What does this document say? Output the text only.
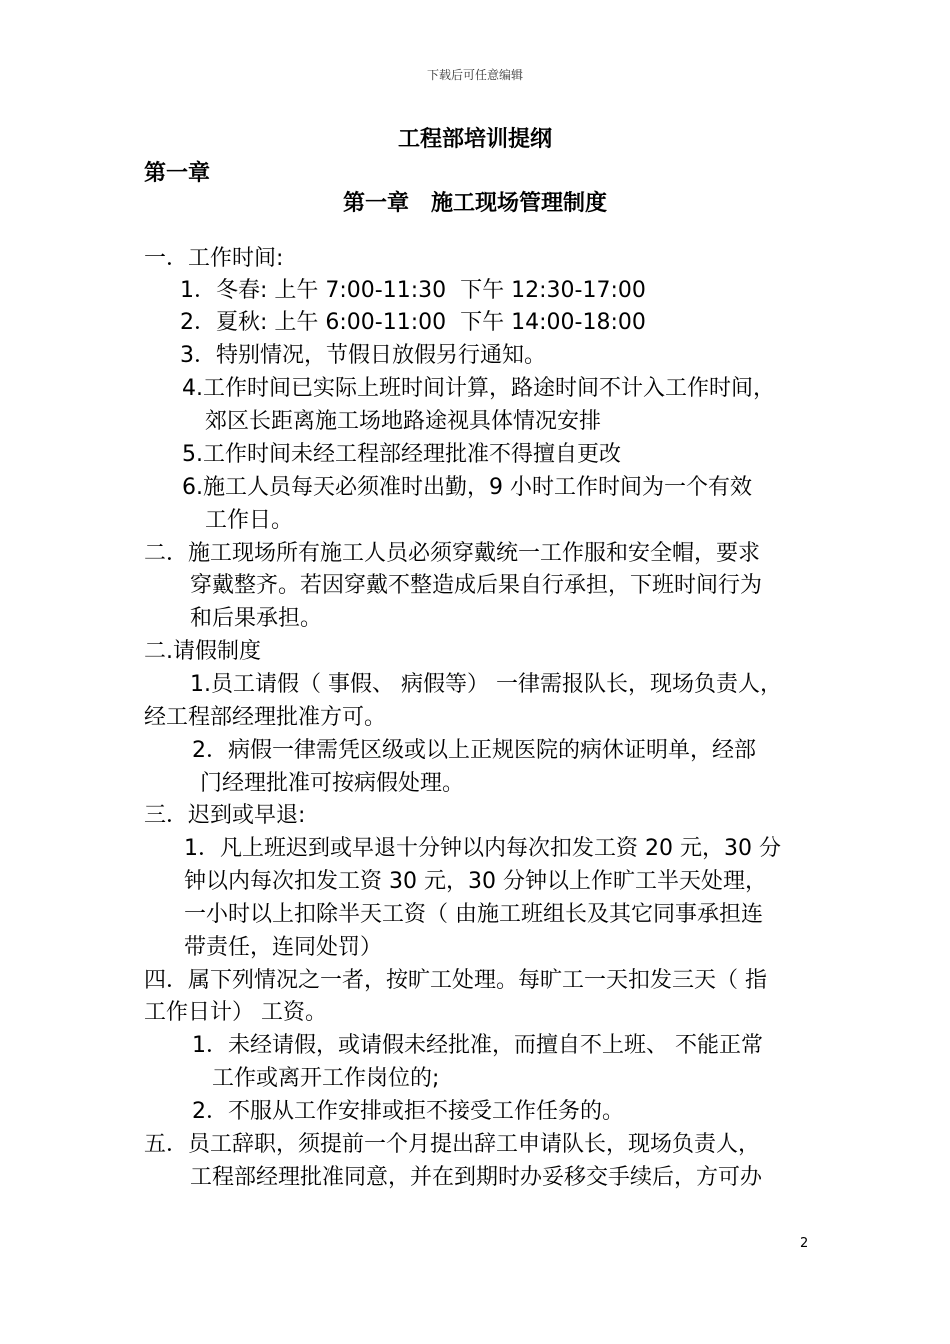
下载后可任意编辑
工程部培训提纲
第一章
第一章　施工现场管理制度
一．工作时间:
1．冬春: 上午 7:00-11:30  下午 12:30-17:00
2．夏秋: 上午 6:00-11:00  下午 14:00-18:00
3．特别情况，节假日放假另行通知。
4.工作时间已实际上班时间计算，路途时间不计入工作时间，
郊区长距离施工场地路途视具体情况安排
5.工作时间未经工程部经理批准不得擅自更改
6.施工人员每天必须准时出勤，9 小时工作时间为一个有效
工作日。
二．施工现场所有施工人员必须穿戴统一工作服和安全帽，要求
穿戴整齐。若因穿戴不整造成后果自行承担，下班时间行为
和后果承担。
二.请假制度
1.员工请假（ 事假、 病假等） 一律需报队长，现场负责人，
经工程部经理批准方可。
2．病假一律需凭区级或以上正规医院的病休证明单，经部
门经理批准可按病假处理。
三．迟到或早退:
1．凡上班迟到或早退十分钟以内每次扣发工资 20 元，30 分
钟以内每次扣发工资 30 元，30 分钟以上作旷工半天处理，
一小时以上扣除半天工资（ 由施工班组长及其它同事承担连
带责任，连同处罚）
四．属下列情况之一者，按旷工处理。每旷工一天扣发三天（ 指
工作日计） 工资。
1．未经请假，或请假未经批准，而擅自不上班、 不能正常
工作或离开工作岗位的;
2．不服从工作安排或拒不接受工作任务的。
五．员工辞职，须提前一个月提出辞工申请队长，现场负责人，
工程部经理批准同意，并在到期时办妥移交手续后，方可办
2
